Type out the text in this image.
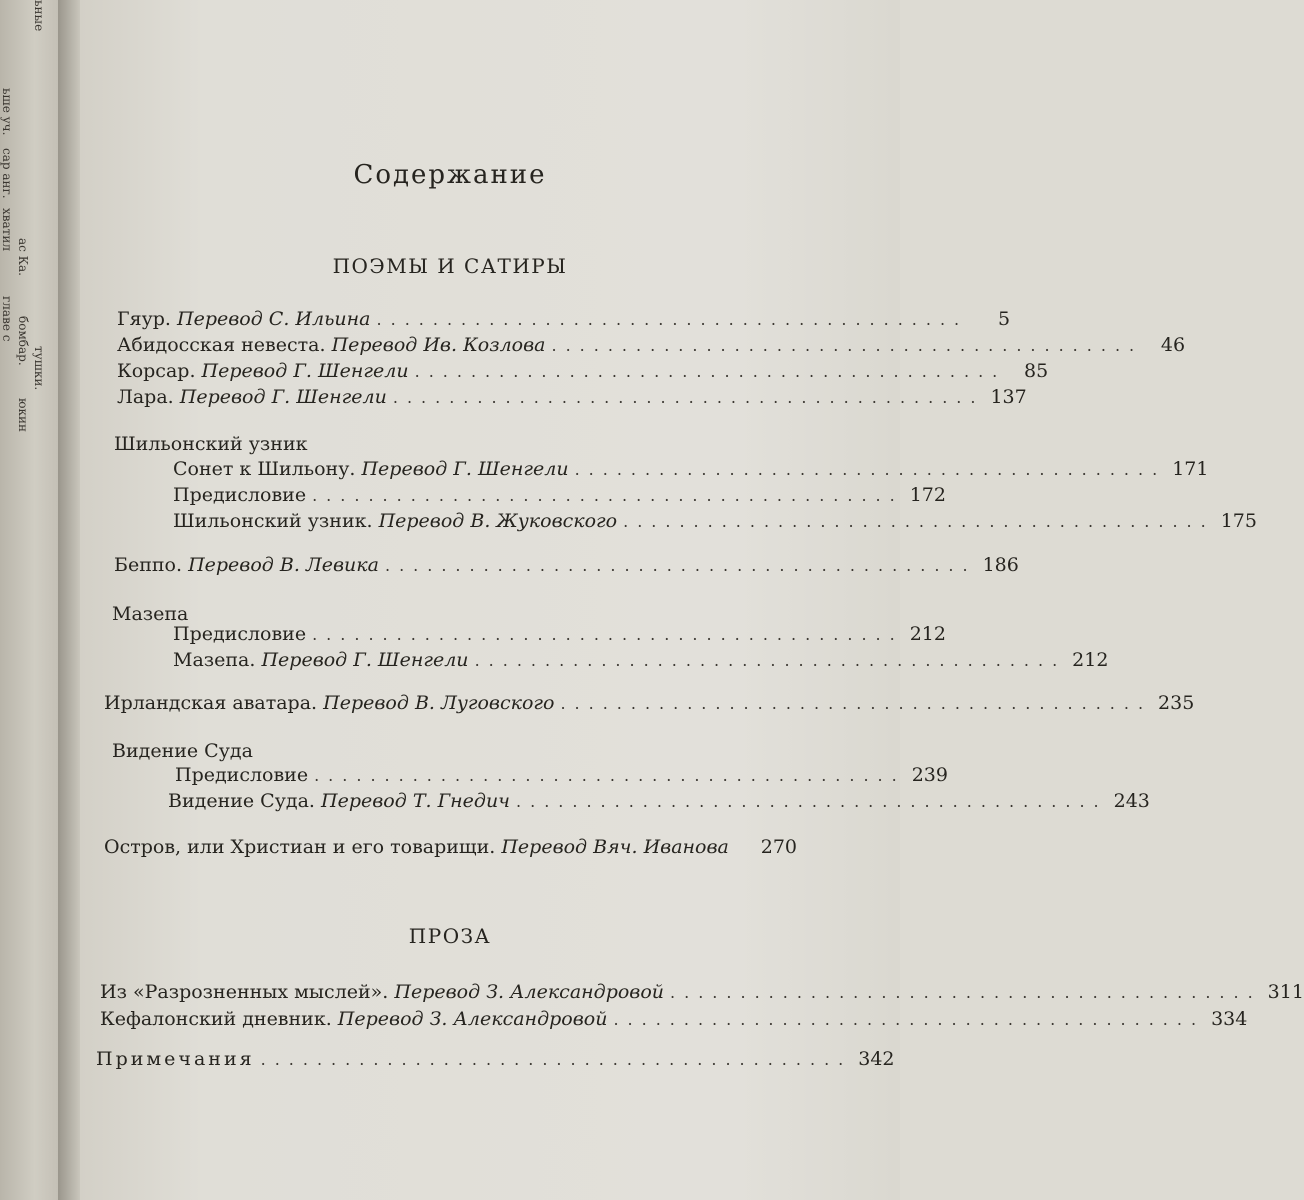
ьные
ьше уч.
сар анг.
хватил
ас Ка.
главе с бомбар.
тушки.
юкин
Содержание
ПОЭМЫ И САТИРЫ
Гяур. Перевод С. Ильина ..........................................	5
Абидосская невеста. Перевод Ив. Козлова .......................................... 46
Корсар. Перевод Г. Шенгели .......................................... 85
Лара. Перевод Г. Шенгели .......................................... 137
Шильонский узник
Сонет к Шильону. Перевод Г. Шенгели .......................................... 171
Предисловие .......................................... 172
Шильонский узник. Перевод В. Жуковского .......................................... 175
Беппо. Перевод В. Левика .......................................... 186
Мазепа
Предисловие .......................................... 212
Мазепа. Перевод Г. Шенгели .......................................... 212
Ирландская аватара. Перевод В. Луговского .......................................... 235
Видение Суда
Предисловие .......................................... 239
Видение Суда. Перевод Т. Гнедич .......................................... 243
Остров, или Христиан и его товарищи. Перевод Вяч. Иванова 270
ПРОЗА
Из «Разрозненных мыслей». Перевод З. Александровой .......................................... 311
Кефалонский дневник. Перевод З. Александровой .......................................... 334
Примечания .......................................... 342
